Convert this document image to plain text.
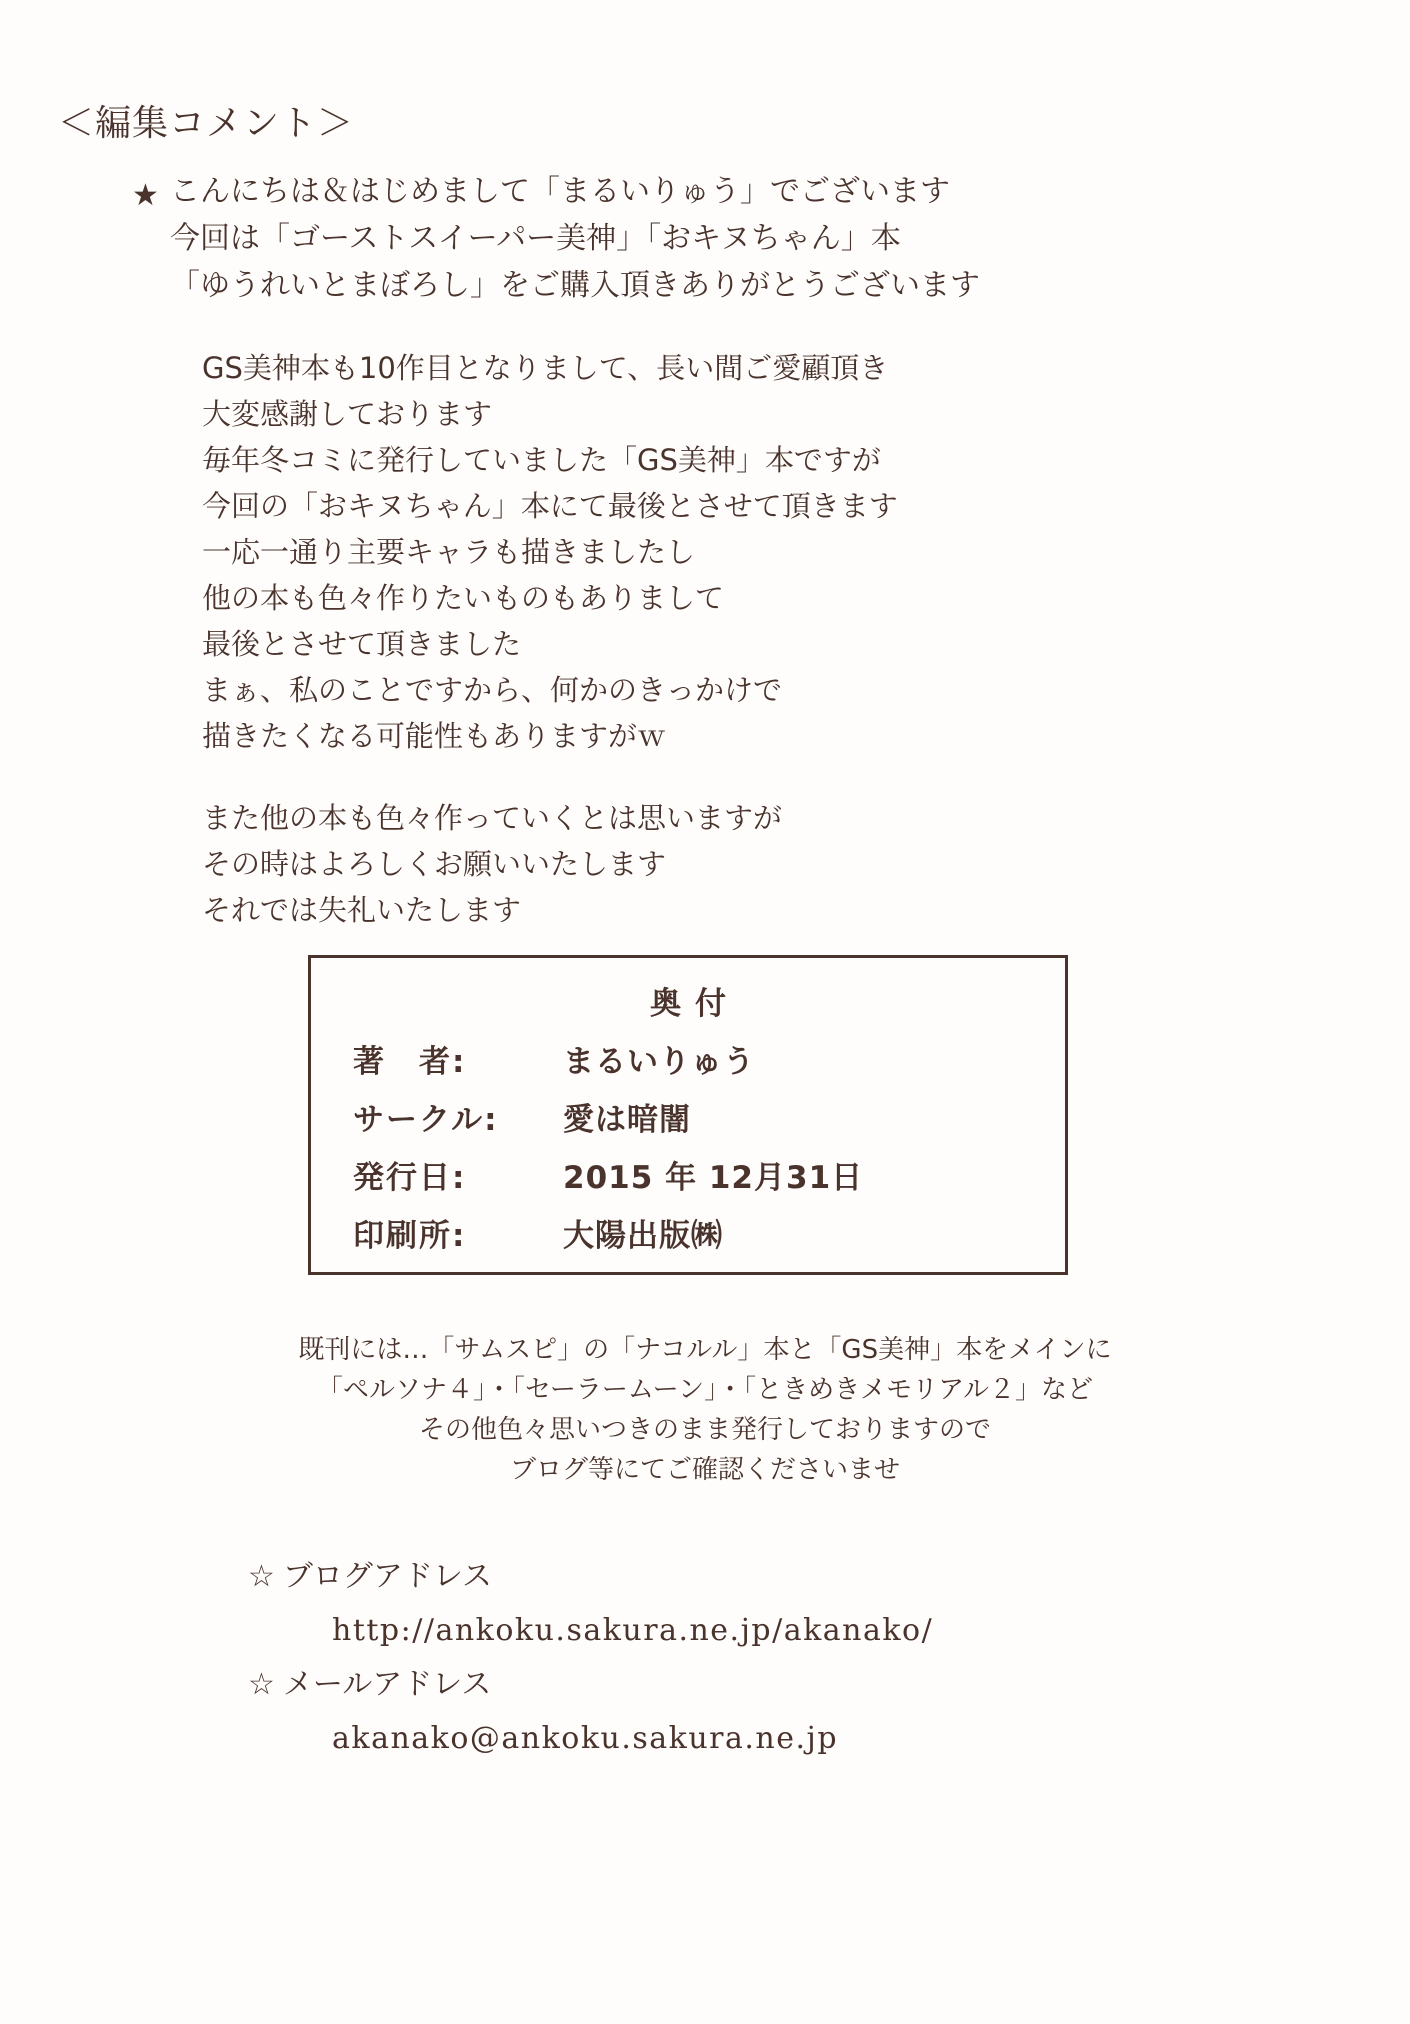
＜編集コメント＞
★ こんにちは＆はじめまして「まるいりゅう」でございます
今回は「ゴーストスイーパー美神」「おキヌちゃん」本
「ゆうれいとまぼろし」をご購入頂きありがとうございます
GS美神本も10作目となりまして、長い間ご愛顧頂き
大変感謝しております
毎年冬コミに発行していました「GS美神」本ですが
今回の「おキヌちゃん」本にて最後とさせて頂きます
一応一通り主要キャラも描きましたし
他の本も色々作りたいものもありまして
最後とさせて頂きました
まぁ、私のことですから、何かのきっかけで
描きたくなる可能性もありますがｗ
また他の本も色々作っていくとは思いますが
その時はよろしくお願いいたします
それでは失礼いたします
奥付
著　者:	まるいりゅう
サークル:	愛は暗闇
発行日:	2015 年 12月31日
印刷所:	大陽出版㈱
既刊には…「サムスピ」の「ナコルル」本と「GS美神」本をメインに
「ペルソナ４」・「セーラームーン」・「ときめきメモリアル２」など
その他色々思いつきのまま発行しておりますので
ブログ等にてご確認くださいませ
☆ ブログアドレス
http://ankoku.sakura.ne.jp/akanako/
☆ メールアドレス
akanako@ankoku.sakura.ne.jp
